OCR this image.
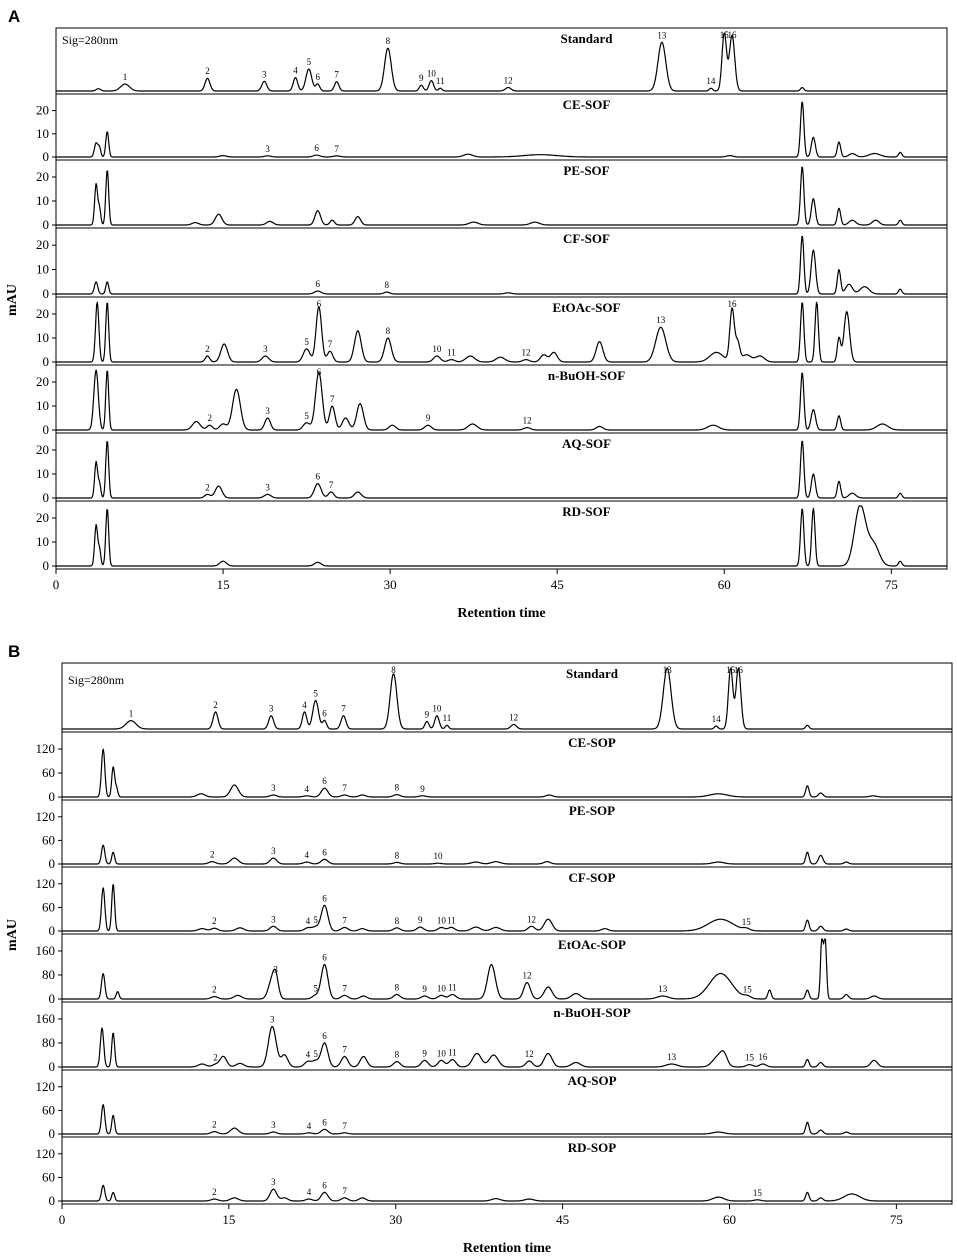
A
Sig=280nm	Standard
1
2	3	4
5
6 7
8
9 10
11	12
13
14
15
16
0
10
20	CE-SOF
3	6 7
0
10
20	PE-SOF
0
10
20	CF-SOF
6	8
0
10
20	EtOAc-SOF
2	3
5
6
7
8
10 11	12
13
16
0
10
20	n-BuOH-SOF
2
3	5
6
7
9	12
0
10
20	AQ-SOF
2	3
6
7
0
10
20	RD-SOF
0	15	30	45	60	75
Retention time
mAU
B
Sig=280nm	Standard
1
2	3	4
5
6 7
8
9
10
11	12
13
14
15
16
0
60
120	CE-SOP
3	4
6
7	8 9
0
60
120	PE-SOP
2	3	4 6	8	10
0
60
120	CF-SOP
2	3	4 5
6
7	8 9 10 11	12	15
0
80
160	EtOAc-SOP
2
3
5
6
7	8	9 10 11
12
13	15
0
80
160	n-BuOH-SOP
2
3
4 5
6
7
8	9 10 11	12	13	15 16
0
60
120	AQ-SOP
2	3	4 6 7
0
60
120	RD-SOP
2
3
4
6
7	15
0	15	30	45	60	75
Retention time
mAU
